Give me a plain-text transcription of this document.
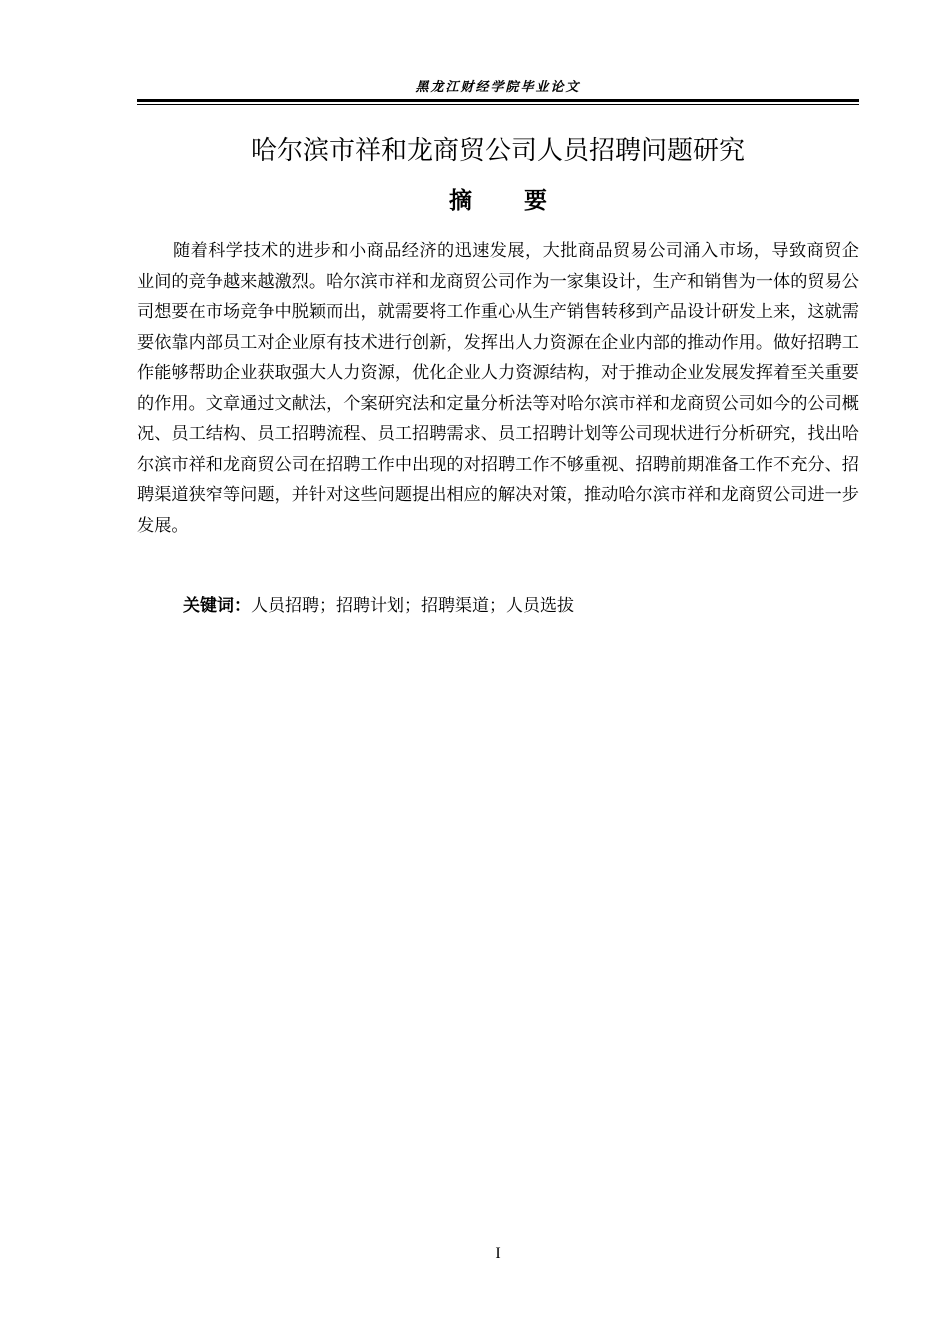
黑龙江财经学院毕业论文
哈尔滨市祥和龙商贸公司人员招聘问题研究
摘 要

随着科学技术的进步和小商品经济的迅速发展，大批商品贸易公司涌入市场，导致商贸企业间的竞争越来越激烈。哈尔滨市祥和龙商贸公司作为一家集设计，生产和销售为一体的贸易公司想要在市场竞争中脱颖而出，就需要将工作重心从生产销售转移到产品设计研发上来，这就需要依靠内部员工对企业原有技术进行创新，发挥出人力资源在企业内部的推动作用。做好招聘工作能够帮助企业获取强大人力资源，优化企业人力资源结构，对于推动企业发展发挥着至关重要的作用。文章通过文献法，个案研究法和定量分析法等对哈尔滨市祥和龙商贸公司如今的公司概况、员工结构、员工招聘流程、员工招聘需求、员工招聘计划等公司现状进行分析研究，找出哈尔滨市祥和龙商贸公司在招聘工作中出现的对招聘工作不够重视、招聘前期准备工作不充分、招聘渠道狭窄等问题，并针对这些问题提出相应的解决对策，推动哈尔滨市祥和龙商贸公司进一步发展。

关键词：人员招聘；招聘计划；招聘渠道；人员选拔
I
